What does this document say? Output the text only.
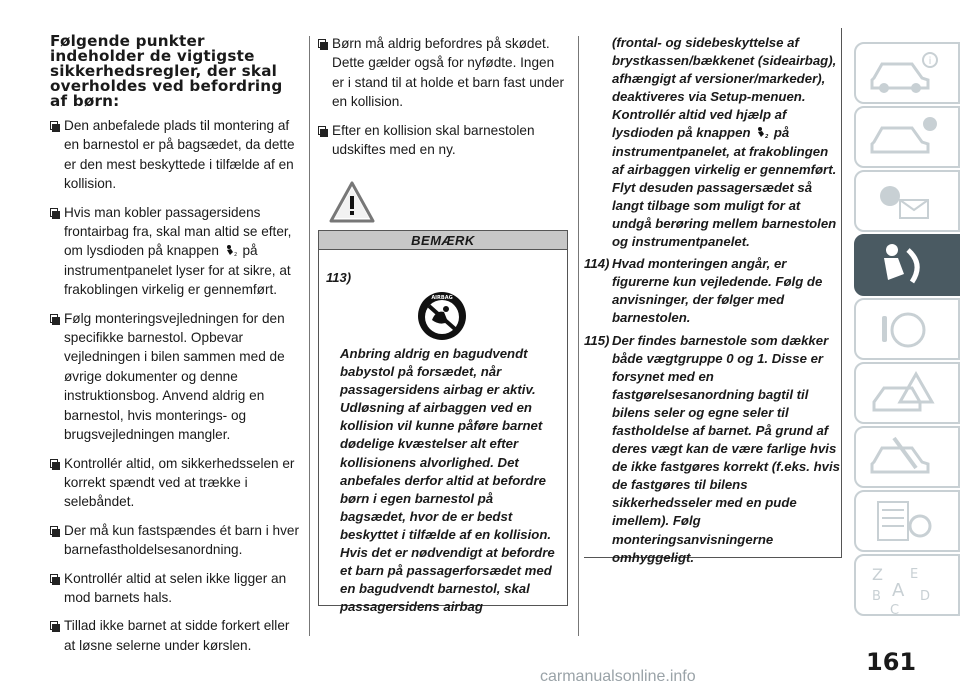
Følgende punkter indeholder de vigtigste sikkerhedsregler, der skal overholdes ved befordring af børn:
Den anbefalede plads til montering af en barnestol er på bagsædet, da dette er den mest beskyttede i tilfælde af en kollision.
Hvis man kobler passagersidens frontairbag fra, skal man altid se efter, om lysdioden på knappen	2 på instrumentpanelet lyser for at sikre, at frakoblingen virkelig er gennemført.
Følg monteringsvejledningen for den specifikke barnestol. Opbevar vejledningen i bilen sammen med de øvrige dokumenter og denne instruktionsbog. Anvend aldrig en barnestol, hvis monterings- og brugsvejledningen mangler.
Kontrollér altid, om sikkerhedsselen er korrekt spændt ved at trække i selebåndet.
Der må kun fastspændes ét barn i hver barnefastholdelsesanordning.
Kontrollér altid at selen ikke ligger an mod barnets hals.
Tillad ikke barnet at sidde forkert eller at løsne selerne under kørslen.
Børn må aldrig befordres på skødet. Dette gælder også for nyfødte. Ingen er i stand til at holde et barn fast under en kollision.
Efter en kollision skal barnestolen udskiftes med en ny.
BEMÆRK
113)
AIRBAG
Anbring aldrig en bagudvendt babystol på forsædet, når passagersidens airbag er aktiv. Udløsning af airbaggen ved en kollision vil kunne påføre barnet dødelige kvæstelser alt efter kollisionens alvorlighed. Det anbefales derfor altid at befordre børn i egen barnestol på bagsædet, hvor de er bedst beskyttet i tilfælde af en kollision. Hvis det er nødvendigt at befordre et barn på passagerforsædet med en bagudvendt barnestol, skal passagersidens airbag
(frontal- og sidebeskyttelse af brystkassen/bækkenet (sideairbag), afhængigt af versioner/markeder), deaktiveres via Setup-menuen. Kontrollér altid ved hjælp af lysdioden på knappen	2 på instrumentpanelet, at frakoblingen af airbaggen virkelig er gennemført. Flyt desuden passagersædet så langt tilbage som muligt for at undgå berøring mellem barnestolen og instrumentpanelet.
114) Hvad monteringen angår, er figurerne kun vejledende. Følg de anvisninger, der følger med barnestolen.
115) Der findes barnestole som dækker både vægtgruppe 0 og 1. Disse er forsynet med en fastgørelsesanordning bagtil til bilens seler og egne seler til fastholdelse af barnet. På grund af deres vægt kan de være farlige hvis de ikke fastgøres korrekt (f.eks. hvis de fastgøres til bilens sikkerhedsseler med en pude imellem). Følg monteringsanvisningerne omhyggeligt.
i
Z E
B A D
C
161
carmanualsonline.info
